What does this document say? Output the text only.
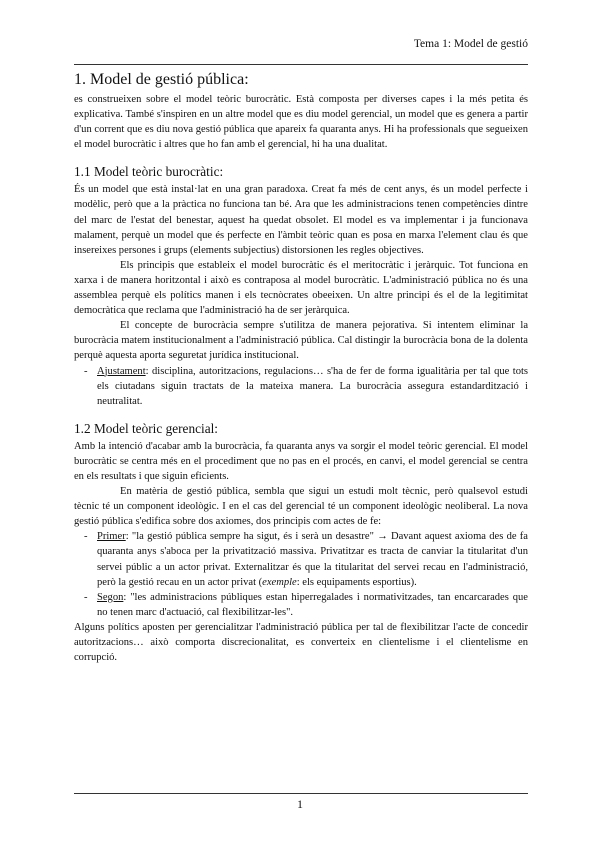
Tema 1: Model de gestió
1. Model de gestió pública:

es construeixen sobre el model teòric burocràtic. Està composta per diverses capes i la més petita és explicativa. També s'inspiren en un altre model que es diu model gerencial, un model que es genera a partir d'un corrent que es diu nova gestió pública que apareix fa quaranta anys. Hi ha professionals que segueixen el model burocràtic i altres que ho fan amb el gerencial, hi ha una dualitat.

1.1 Model teòric burocràtic:

És un model que està instal·lat en una gran paradoxa. Creat fa més de cent anys, és un model perfecte i modèlic, però que a la pràctica no funciona tan bé. Ara que les administracions tenen competències dintre del marc de l'estat del benestar, aquest ha quedat obsolet. El model es va implementar i ja funcionava malament, perquè un model que és perfecte en l'àmbit teòric quan es posa en marxa l'element clau és que insereixes persones i grups (elements subjectius) distorsionen les regles objectives.

Els principis que estableix el model burocràtic és el meritocràtic i jeràrquic. Tot funciona en xarxa i de manera horitzontal i això es contraposa al model burocràtic. L'administració pública no és una assemblea perquè els polítics manen i els tecnòcrates obeeixen. Un altre principi és el de la legitimitat democràtica que reclama que l'administració ha de ser jeràrquica.

El concepte de burocràcia sempre s'utilitza de manera pejorativa. Si intentem eliminar la burocràcia matem institucionalment a l'administració pública. Cal distingir la burocràcia bona de la dolenta perquè aquesta aporta seguretat jurídica institucional.

- Ajustament: disciplina, autoritzacions, regulacions… s'ha de fer de forma igualitària per tal que tots els ciutadans siguin tractats de la mateixa manera. La burocràcia assegura estandardització i neutralitat.
1.2 Model teòric gerencial:

Amb la intenció d'acabar amb la burocràcia, fa quaranta anys va sorgir el model teòric gerencial. El model burocràtic se centra més en el procediment que no pas en el procés, en canvi, el model gerencial se centra en els resultats i que siguin eficients.

En matèria de gestió pública, sembla que sigui un estudi molt tècnic, però qualsevol estudi tècnic té un component ideològic. I en el cas del gerencial té un component ideològic neoliberal. La nova gestió pública s'edifica sobre dos axiomes, dos principis com actes de fe:

- Primer: "la gestió pública sempre ha sigut, és i serà un desastre" → Davant aquest axioma des de fa quaranta anys s'aboca per la privatització massiva. Privatitzar es tracta de canviar la titularitat d'un servei públic a un actor privat. Externalitzar és que la titularitat del servei recau en l'administració, però la gestió recau en un actor privat (exemple: els equipaments esportius).
- Segon: "les administracions públiques estan hiperregalades i normativitzades, tan encarcarades que no tenen marc d'actuació, cal flexibilitzar-les".

Alguns polítics aposten per gerencialitzar l'administració pública per tal de flexibilitzar l'acte de concedir autoritzacions… això comporta discrecionalitat, es converteix en clientelisme i el clientelisme en corrupció.

1
